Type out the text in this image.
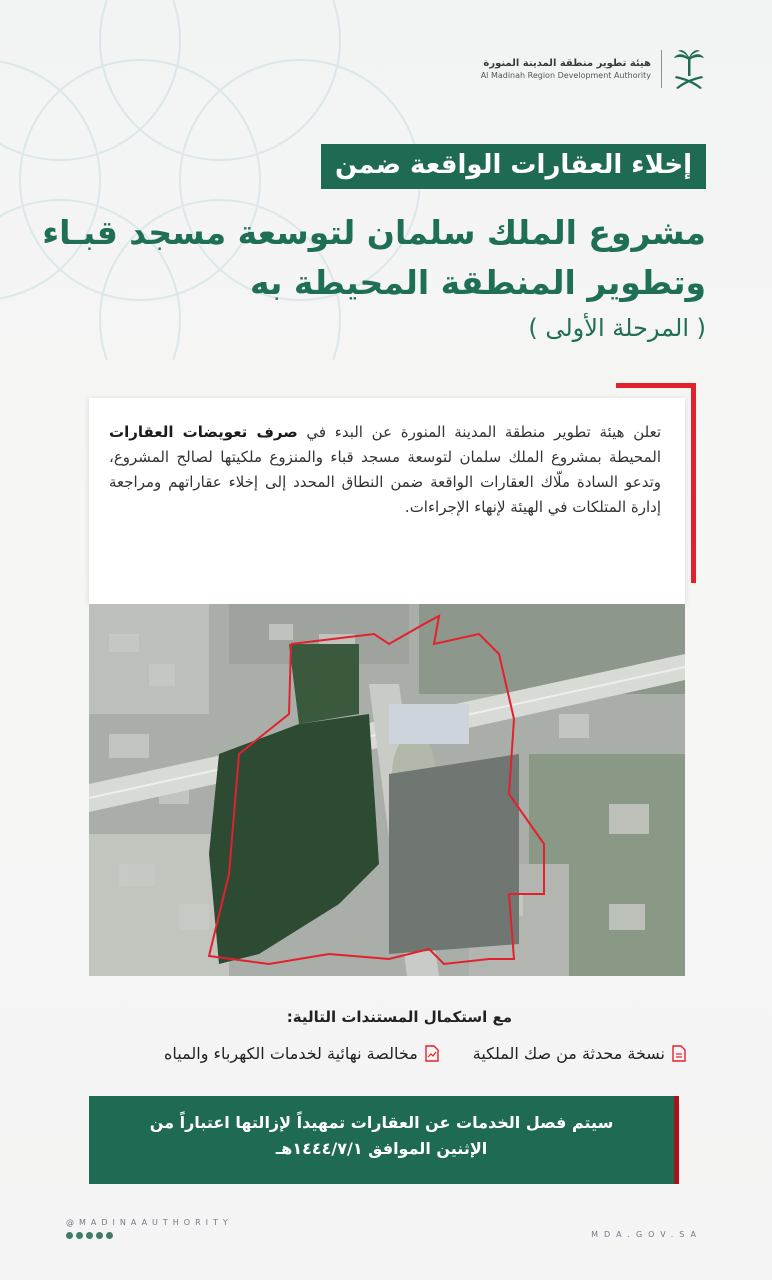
هيئة تطوير منطقة المدينة المنورة
Al Madinah Region Development Authority
إخلاء العقارات الواقعة ضمن
مشروع الملك سلمان لتوسعة مسجد قبـاء
وتطوير المنطقة المحيطة به
( المرحلة الأولى )
تعلن هيئة تطوير منطقة المدينة المنورة عن البدء في صرف تعويضات العقارات المحيطة بمشروع الملك سلمان لتوسعة مسجد قباء والمنزوع ملكيتها لصالح المشروع، وتدعو السادة ملّاك العقارات الواقعة ضمن النطاق المحدد إلى إخلاء عقاراتهم ومراجعة إدارة المتلكات في الهيئة لإنهاء الإجراءات.
مع استكمال المستندات التالية:
نسخة محدثة من صك الملكية
مخالصة نهائية لخدمات الكهرباء والمياه
سيتم فصل الخدمات عن العقارات تمهيداً لإزالتها اعتباراً من
الإثنين الموافق ١٤٤٤/٧/١هـ
@MADINAAUTHORITY
MDA.GOV.SA
